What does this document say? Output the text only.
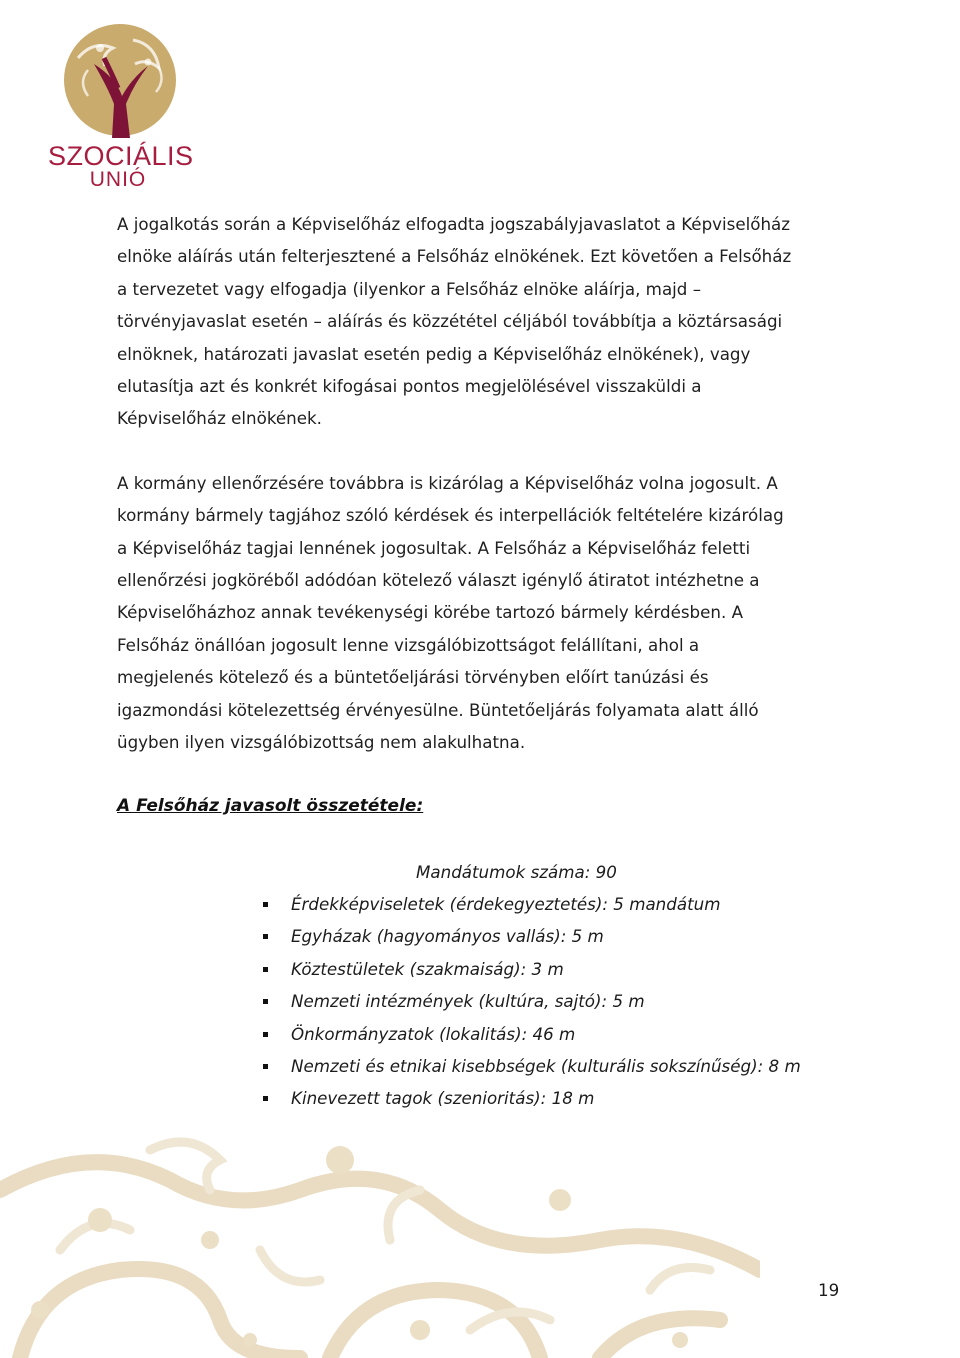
SZOCIÁLIS
UNIÓ

A jogalkotás során a Képviselőház elfogadta jogszabályjavaslatot a Képviselőház
elnöke aláírás után felterjesztené a Felsőház elnökének. Ezt követően a Felsőház
a tervezetet vagy elfogadja (ilyenkor a Felsőház elnöke aláírja, majd –
törvényjavaslat esetén – aláírás és közzététel céljából továbbítja a köztársasági
elnöknek, határozati javaslat esetén pedig a Képviselőház elnökének), vagy
elutasítja azt és konkrét kifogásai pontos megjelölésével visszaküldi a
Képviselőház elnökének.

A kormány ellenőrzésére továbbra is kizárólag a Képviselőház volna jogosult. A
kormány bármely tagjához szóló kérdések és interpellációk feltételére kizárólag
a Képviselőház tagjai lennének jogosultak. A Felsőház a Képviselőház feletti
ellenőrzési jogköréből adódóan kötelező választ igénylő átiratot intézhetne a
Képviselőházhoz annak tevékenységi körébe tartozó bármely kérdésben. A
Felsőház önállóan jogosult lenne vizsgálóbizottságot felállítani, ahol a
megjelenés kötelező és a büntetőeljárási törvényben előírt tanúzási és
igazmondási kötelezettség érvényesülne. Büntetőeljárás folyamata alatt álló
ügyben ilyen vizsgálóbizottság nem alakulhatna.

A Felsőház javasolt összetétele:
Mandátumok száma: 90
Érdekképviseletek (érdekegyeztetés): 5 mandátum
Egyházak (hagyományos vallás): 5 m
Köztestületek (szakmaiság): 3 m
Nemzeti intézmények (kultúra, sajtó): 5 m
Önkormányzatok (lokalitás): 46 m
Nemzeti és etnikai kisebbségek (kulturális sokszínűség): 8 m
Kinevezett tagok (szenioritás): 18 m
19
